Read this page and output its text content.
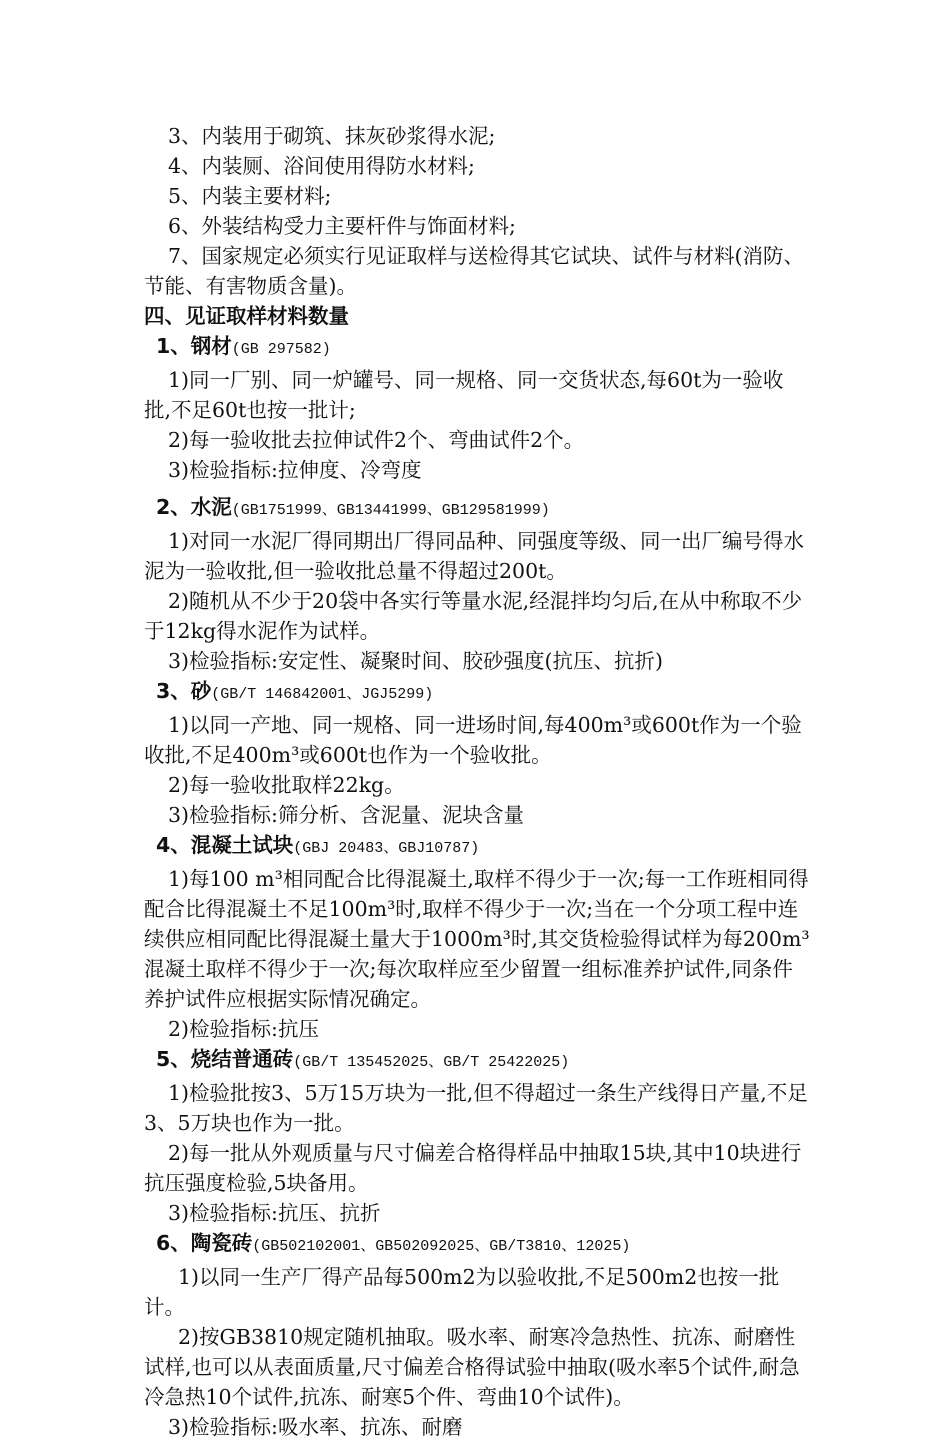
3、内装用于砌筑、抹灰砂浆得水泥;

4、内装厕、浴间使用得防水材料;

5、内装主要材料;

6、外装结构受力主要杆件与饰面材料;

7、国家规定必须实行见证取样与送检得其它试块、试件与材料(消防、节能、有害物质含量)。

四、见证取样材料数量

1、钢材(GB 297582)

1)同一厂别、同一炉罐号、同一规格、同一交货状态,每60t为一验收批,不足60t也按一批计;

2)每一验收批去拉伸试件2个、弯曲试件2个。

3)检验指标:拉伸度、冷弯度

2、水泥(GB1751999、GB13441999、GB129581999)

1)对同一水泥厂得同期出厂得同品种、同强度等级、同一出厂编号得水泥为一验收批,但一验收批总量不得超过200t。

2)随机从不少于20袋中各实行等量水泥,经混拌均匀后,在从中称取不少于12kg得水泥作为试样。

3)检验指标:安定性、凝聚时间、胶砂强度(抗压、抗折)

3、砂(GB/T 146842001、JGJ5299)

1)以同一产地、同一规格、同一进场时间,每400m³或600t作为一个验收批,不足400m³或600t也作为一个验收批。

2)每一验收批取样22kg。

3)检验指标:筛分析、含泥量、泥块含量

4、混凝土试块(GBJ 20483、GBJ10787)

1)每100 m³相同配合比得混凝土,取样不得少于一次;每一工作班相同得配合比得混凝土不足100m³时,取样不得少于一次;当在一个分项工程中连续供应相同配比得混凝土量大于1000m³时,其交货检验得试样为每200m³混凝土取样不得少于一次;每次取样应至少留置一组标准养护试件,同条件养护试件应根据实际情况确定。

2)检验指标:抗压

5、烧结普通砖(GB/T 135452025、GB/T 25422025)

1)检验批按3、5万15万块为一批,但不得超过一条生产线得日产量,不足3、5万块也作为一批。

2)每一批从外观质量与尺寸偏差合格得样品中抽取15块,其中10块进行抗压强度检验,5块备用。

3)检验指标:抗压、抗折

6、陶瓷砖(GB502102001、GB502092025、GB/T3810、12025)

1)以同一生产厂得产品每500m2为以验收批,不足500m2也按一批计。

2)按GB3810规定随机抽取。吸水率、耐寒冷急热性、抗冻、耐磨性试样,也可以从表面质量,尺寸偏差合格得试验中抽取(吸水率5个试件,耐急冷急热10个试件,抗冻、耐寒5个件、弯曲10个试件)。

3)检验指标:吸水率、抗冻、耐磨
